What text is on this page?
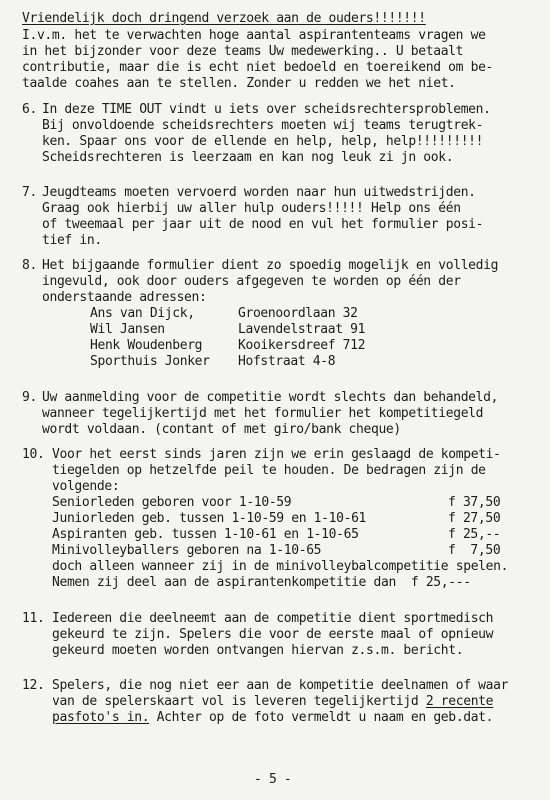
Vriendelijk doch dringend verzoek aan de ouders!!!!!!!
I.v.m. het te verwachten hoge aantal aspirantenteams vragen we
in het bijzonder voor deze teams Uw medewerking.. U betaalt
contributie, maar die is echt niet bedoeld en toereikend om be-
taalde coahes aan te stellen. Zonder u redden we het niet.
6. In deze TIME OUT vindt u iets over scheidsrechtersproblemen.
Bij onvoldoende scheidsrechters moeten wij teams terugtrek-
ken. Spaar ons voor de ellende en help, help, help!!!!!!!!!
Scheidsrechteren is leerzaam en kan nog leuk zi jn ook.
7. Jeugdteams moeten vervoerd worden naar hun uitwedstrijden.
Graag ook hierbij uw aller hulp ouders!!!!! Help ons één
of tweemaal per jaar uit de nood en vul het formulier posi-
tief in.
8. Het bijgaande formulier dient zo spoedig mogelijk en volledig
ingevuld, ook door ouders afgegeven te worden op één der
onderstaande adressen:
Ans van Dijck,	Groenoordlaan 32
Wil Jansen	Lavendelstraat 91
Henk Woudenberg	Kooikersdreef 712
Sporthuis Jonker Hofstraat 4-8
9. Uw aanmelding voor de competitie wordt slechts dan behandeld,
wanneer tegelijkertijd met het formulier het kompetitiegeld
wordt voldaan. (contant of met giro/bank cheque)
10. Voor het eerst sinds jaren zijn we erin geslaagd de kompeti-
tiegelden op hetzelfde peil te houden. De bedragen zijn de
volgende:
Seniorleden geboren voor 1-10-59	f 37,50
Juniorleden geb. tussen 1-10-59 en 1-10-61	f 27,50
Aspiranten geb. tussen 1-10-61 en 1-10-65	f 25,--
Minivolleyballers geboren na 1-10-65	f  7,50
doch alleen wanneer zij in de minivolleybalcompetitie spelen.
Nemen zij deel aan de aspirantenkompetitie dan  f 25,---
11. Iedereen die deelneemt aan de competitie dient sportmedisch
gekeurd te zijn. Spelers die voor de eerste maal of opnieuw
gekeurd moeten worden ontvangen hiervan z.s.m. bericht.
12. Spelers, die nog niet eer aan de kompetitie deelnamen of waar
van de spelerskaart vol is leveren tegelijkertijd 2 recente
pasfoto's in. Achter op de foto vermeldt u naam en geb.dat.
- 5 -
